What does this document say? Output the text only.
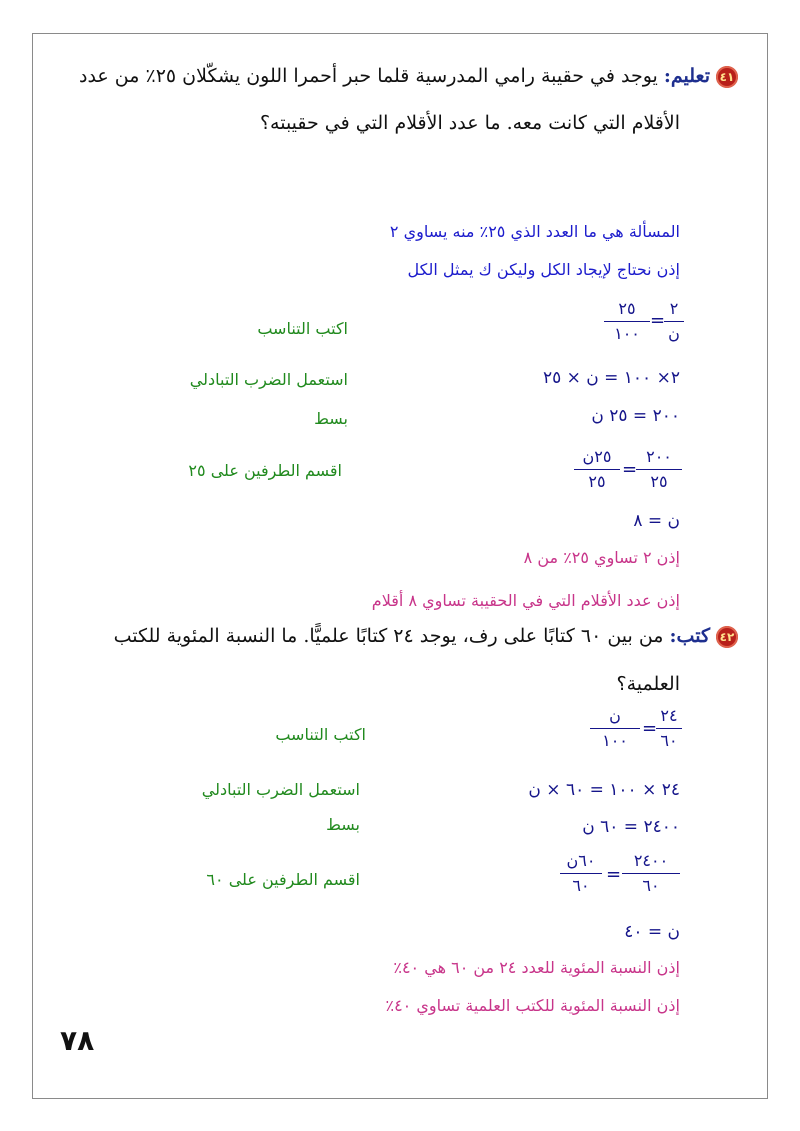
٤١تعليم: يوجد في حقيبة رامي المدرسية قلما حبر أحمرا اللون يشكّلان ٢٥٪ من عدد
الأقلام التي كانت معه. ما عدد الأقلام التي في حقيبته؟
المسألة هي ما العدد الذي ٢٥٪ منه يساوي ٢
إذن نحتاج لإيجاد الكل وليكن ك يمثل الكل
٢٥
١٠٠
=
٢
ن
اكتب التناسب
٢× ١٠٠ = ن × ٢٥
استعمل الضرب التبادلي
٢٠٠ = ٢٥ ن
بسط
٢٥ن
٢٥
=
٢٠٠
٢٥
اقسم الطرفين على ٢٥
ن = ٨
إذن ٢ تساوي ٢٥٪ من ٨
إذن عدد الأقلام التي في الحقيبة تساوي ٨ أقلام
٤٢كتب: من بين ٦٠ كتابًا على رف، يوجد ٢٤ كتابًا علميًّا. ما النسبة المئوية للكتب
العلمية؟
ن
١٠٠
=
٢٤
٦٠
اكتب التناسب
٢٤ × ١٠٠ = ٦٠ × ن
استعمل الضرب التبادلي
٢٤٠٠ = ٦٠ ن
بسط
٦٠ن
٦٠
=
٢٤٠٠
٦٠
اقسم الطرفين على ٦٠
ن = ٤٠
إذن النسبة المئوية للعدد ٢٤ من ٦٠ هي ٤٠٪
إذن النسبة المئوية للكتب العلمية تساوي ٤٠٪
٧٨
